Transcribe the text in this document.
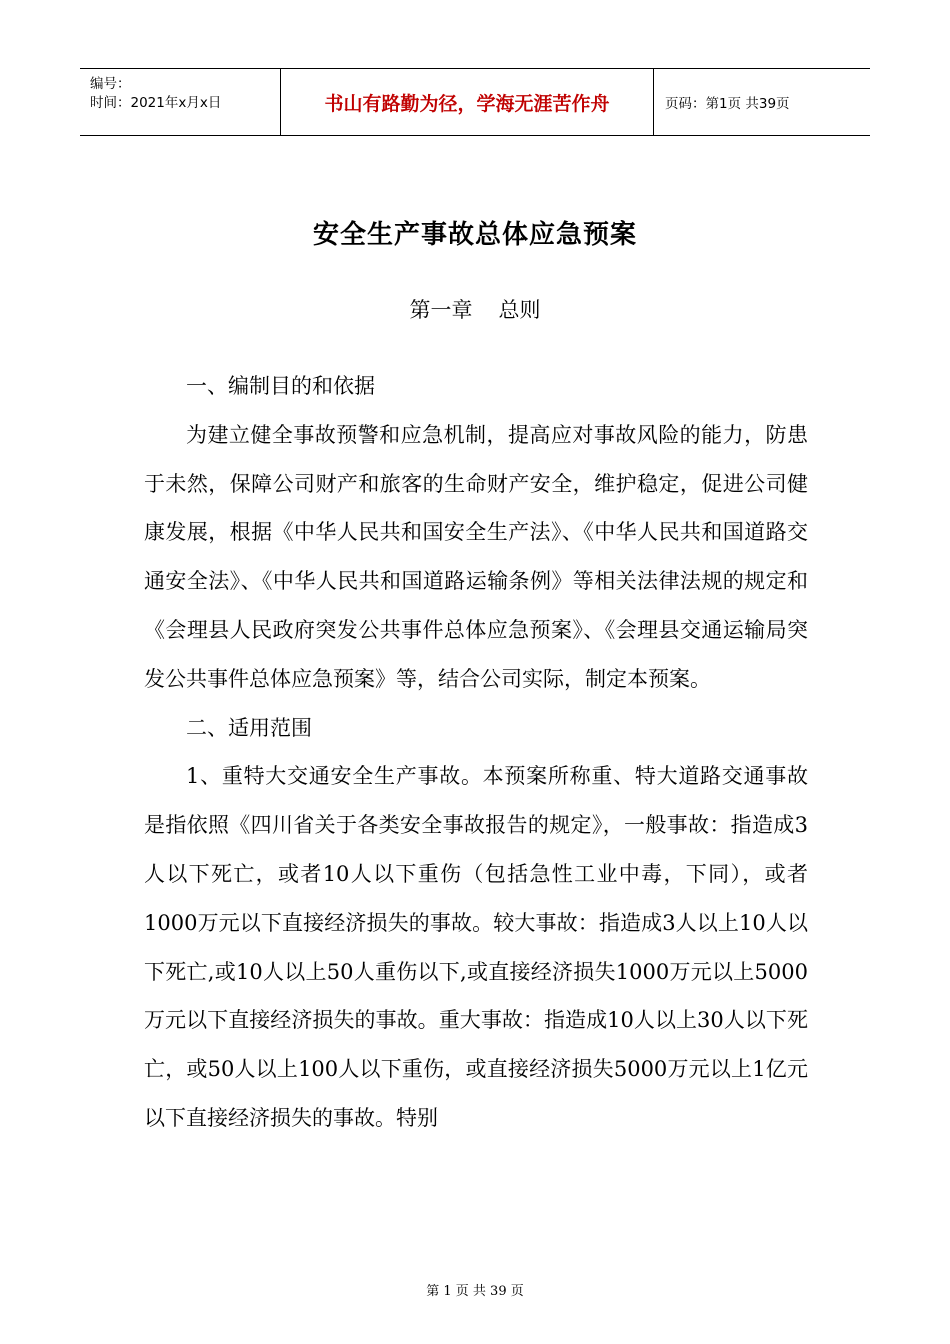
编号：
时间：2021年x月x日	书山有路勤为径，学海无涯苦作舟	页码：第1页 共39页
安全生产事故总体应急预案
第一章 总则

一、编制目的和依据

为建立健全事故预警和应急机制，提高应对事故风险的能力，防患于未然，保障公司财产和旅客的生命财产安全，维护稳定，促进公司健康发展，根据《中华人民共和国安全生产法》、《中华人民共和国道路交通安全法》、《中华人民共和国道路运输条例》等相关法律法规的规定和《会理县人民政府突发公共事件总体应急预案》、《会理县交通运输局突发公共事件总体应急预案》等，结合公司实际，制定本预案。

二、适用范围

1、重特大交通安全生产事故。本预案所称重、特大道路交通事故是指依照《四川省关于各类安全事故报告的规定》，一般事故：指造成3人以下死亡，或者10人以下重伤（包括急性工业中毒，下同），或者1000万元以下直接经济损失的事故。较大事故：指造成3人以上10人以下死亡,或10人以上50人重伤以下,或直接经济损失1000万元以上5000万元以下直接经济损失的事故。重大事故：指造成10人以上30人以下死亡，或50人以上100人以下重伤，或直接经济损失5000万元以上1亿元以下直接经济损失的事故。特别

第 1 页 共 39 页
